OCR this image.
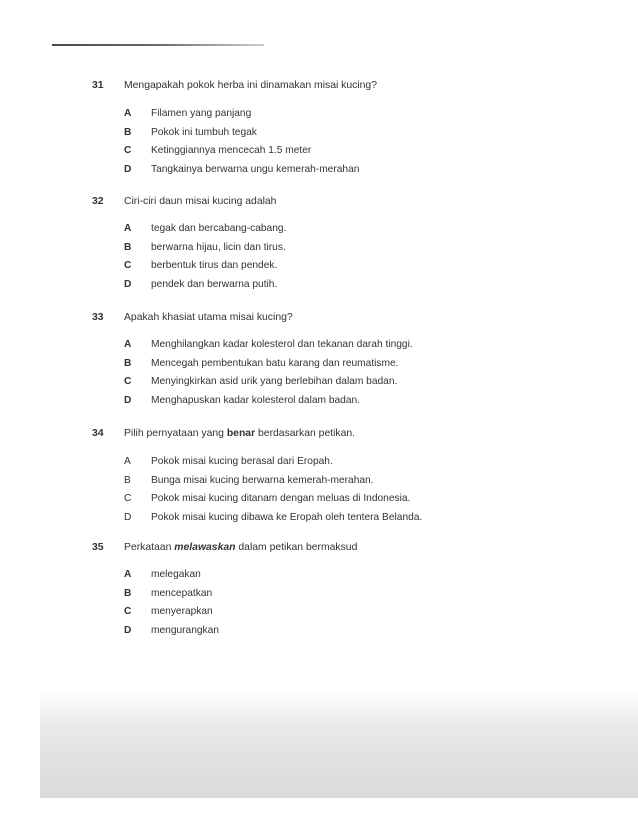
31	Mengapakah pokok herba ini dinamakan misai kucing?
A	Filamen yang panjang
B	Pokok ini tumbuh tegak
C	Ketinggiannya mencecah 1.5 meter
D	Tangkainya berwarna ungu kemerah-merahan
32	Ciri-ciri daun misai kucing adalah
A	tegak dan bercabang-cabang.
B	berwarna hijau, licin dan tirus.
C	berbentuk tirus dan pendek.
D	pendek dan berwarna putih.
33	Apakah khasiat utama misai kucing?
A	Menghilangkan kadar kolesterol dan tekanan darah tinggi.
B	Mencegah pembentukan batu karang dan reumatisme.
C	Menyingkirkan asid urik yang berlebihan dalam badan.
D	Menghapuskan kadar kolesterol dalam badan.
34	Pilih pernyataan yang benar berdasarkan petikan.
A	Pokok misai kucing berasal dari Eropah.
B	Bunga misai kucing berwarna kemerah-merahan.
C	Pokok misai kucing ditanam dengan meluas di Indonesia.
D	Pokok misai kucing dibawa ke Eropah oleh tentera Belanda.
35	Perkataan melawaskan dalam petikan bermaksud
A	melegakan
B	mencepatkan
C	menyerapkan
D	mengurangkan
